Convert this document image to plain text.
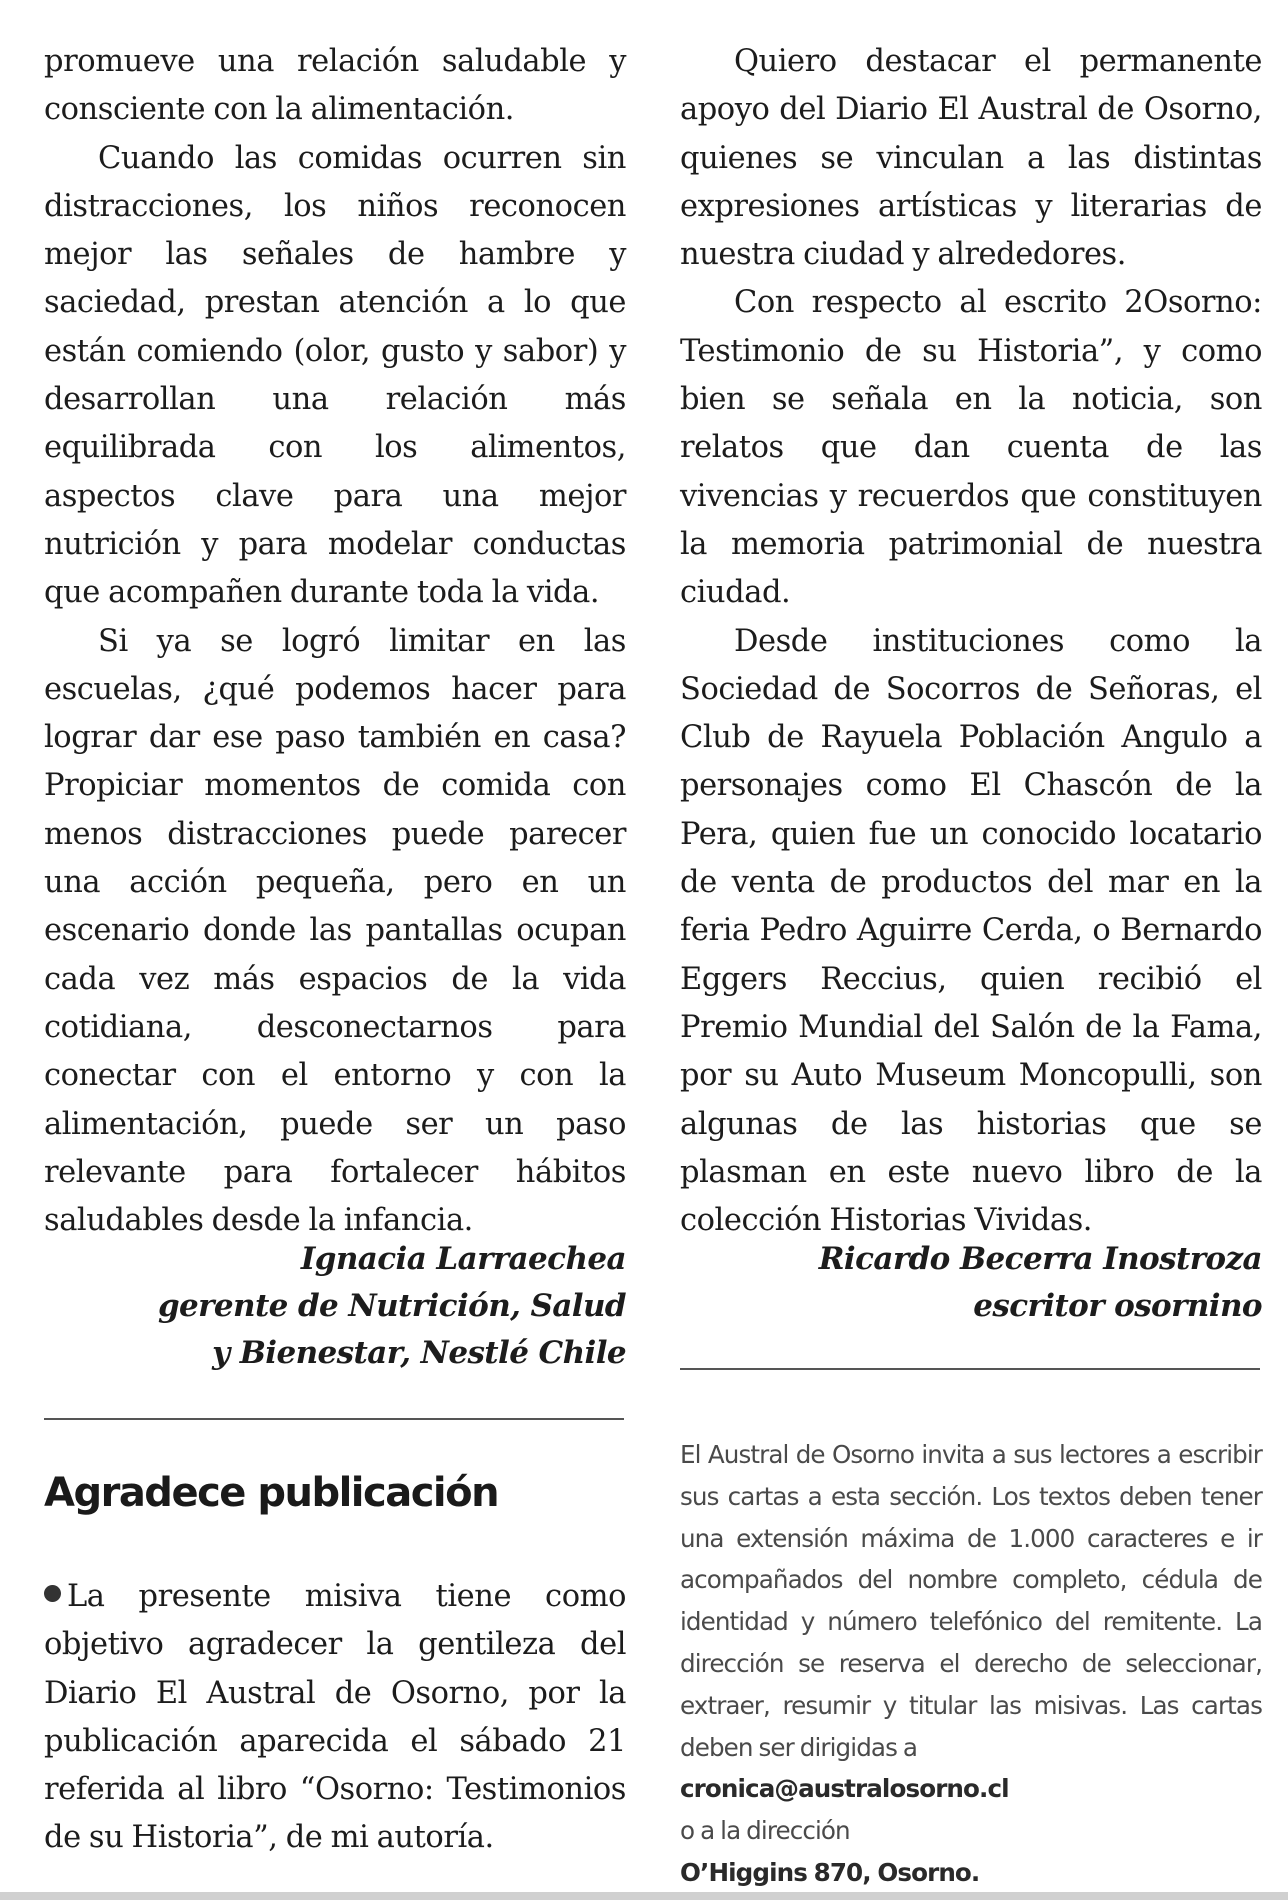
promueve una relación saludable y consciente con la alimentación.

Cuando las comidas ocurren sin distracciones, los niños reconocen mejor las señales de hambre y saciedad, prestan atención a lo que están comiendo (olor, gusto y sabor) y desarrollan una relación más equilibrada con los alimentos, aspectos clave para una mejor nutrición y para modelar conductas que acompañen durante toda la vida.

Si ya se logró limitar en las escuelas, ¿qué podemos hacer para lograr dar ese paso también en casa? Propiciar momentos de comida con menos distracciones puede parecer una acción pequeña, pero en un escenario donde las pantallas ocupan cada vez más espacios de la vida cotidiana, desconectarnos para conectar con el entorno y con la alimentación, puede ser un paso relevante para fortalecer hábitos saludables desde la infancia.

Quiero destacar el permanente apoyo del Diario El Austral de Osorno, quienes se vinculan a las distintas expresiones artísticas y literarias de nuestra ciudad y alrededores.

Con respecto al escrito 2Osorno: Testimonio de su Historia”, y como bien se señala en la noticia, son relatos que dan cuenta de las vivencias y recuerdos que constituyen la memoria patrimonial de nuestra ciudad.

Desde instituciones como la Sociedad de Socorros de Señoras, el Club de Rayuela Población Angulo a personajes como El Chascón de la Pera, quien fue un conocido locatario de venta de productos del mar en la feria Pedro Aguirre Cerda, o Bernardo Eggers Reccius, quien recibió el Premio Mundial del Salón de la Fama, por su Auto Museum Moncopulli, son algunas de las historias que se plasman en este nuevo libro de la colección Historias Vividas.

Ignacia Larraechea
gerente de Nutrición, Salud
y Bienestar, Nestlé Chile
Ricardo Becerra Inostroza
escritor osornino
Agradece publicación

La presente misiva tiene como objetivo agradecer la gentileza del Diario El Austral de Osorno, por la publicación aparecida el sábado 21 referida al libro “Osorno: Testimonios de su Historia”, de mi autoría.

El Austral de Osorno invita a sus lectores a escribir sus cartas a esta sección. Los textos deben tener una extensión máxima de 1.000 caracteres e ir acompañados del nombre completo, cédula de identidad y número telefónico del remitente. La dirección se reserva el derecho de seleccionar, extraer, resumir y titular las misivas. Las cartas deben ser dirigidas a

cronica@australosorno.cl
o a la dirección
O’Higgins 870, Osorno.
